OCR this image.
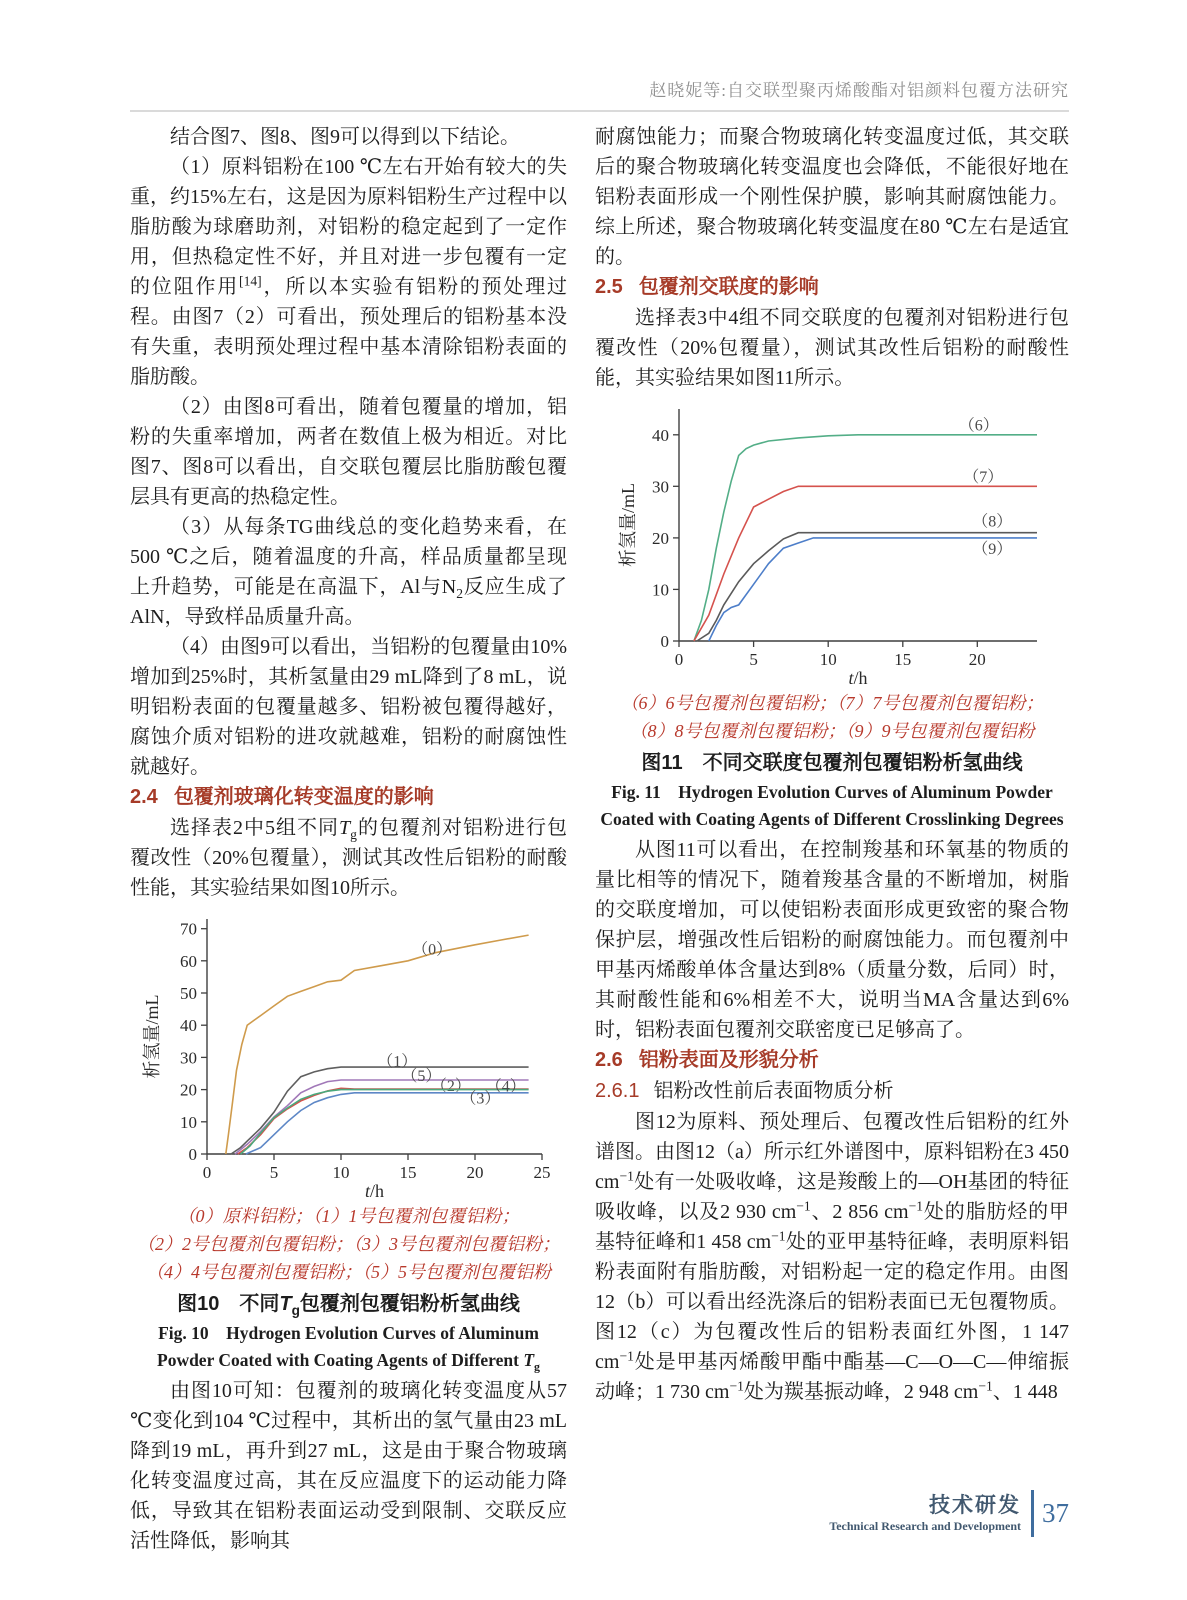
赵晓妮等:自交联型聚丙烯酸酯对铝颜料包覆方法研究

结合图7、图8、图9可以得到以下结论。

（1）原料铝粉在100 ℃左右开始有较大的失重，约15%左右，这是因为原料铝粉生产过程中以脂肪酸为球磨助剂，对铝粉的稳定起到了一定作用，但热稳定性不好，并且对进一步包覆有一定的位阻作用[14]，所以本实验有铝粉的预处理过程。由图7（2）可看出，预处理后的铝粉基本没有失重，表明预处理过程中基本清除铝粉表面的脂肪酸。

（2）由图8可看出，随着包覆量的增加，铝粉的失重率增加，两者在数值上极为相近。对比图7、图8可以看出，自交联包覆层比脂肪酸包覆层具有更高的热稳定性。

（3）从每条TG曲线总的变化趋势来看，在500 ℃之后，随着温度的升高，样品质量都呈现上升趋势，可能是在高温下，Al与$N_2$反应生成了AlN，导致样品质量升高。

（4）由图9可以看出，当铝粉的包覆量由10%增加到25%时，其析氢量由29 mL降到了8 mL，说明铝粉表面的包覆量越多、铝粉被包覆得越好，腐蚀介质对铝粉的进攻就越难，铝粉的耐腐蚀性就越好。

2.4 包覆剂玻璃化转变温度的影响

选择表2中5组不同$T_g$的包覆剂对铝粉进行包覆改性（20%包覆量），测试其改性后铝粉的耐酸性能，其实验结果如图10所示。

0
10
20
30
40
50
60
70
0	5	10	15	20	25
（0）
（1）
（5）
（2） （4）
（3）
析氢量/mL
t/h
（0）原料铝粉；（1）1号包覆剂包覆铝粉；
（2）2号包覆剂包覆铝粉；（3）3号包覆剂包覆铝粉；
（4）4号包覆剂包覆铝粉；（5）5号包覆剂包覆铝粉
图10　不同$T_g$包覆剂包覆铝粉析氢曲线
Fig. 10　Hydrogen Evolution Curves of Aluminum Powder Coated with Coating Agents of Different $T_g$

由图10可知：包覆剂的玻璃化转变温度从57 ℃变化到104 ℃过程中，其析出的氢气量由23 mL降到19 mL，再升到27 mL，这是由于聚合物玻璃化转变温度过高，其在反应温度下的运动能力降低，导致其在铝粉表面运动受到限制、交联反应活性降低，影响其

耐腐蚀能力；而聚合物玻璃化转变温度过低，其交联后的聚合物玻璃化转变温度也会降低，不能很好地在铝粉表面形成一个刚性保护膜，影响其耐腐蚀能力。综上所述，聚合物玻璃化转变温度在80 ℃左右是适宜的。

2.5 包覆剂交联度的影响

选择表3中4组不同交联度的包覆剂对铝粉进行包覆改性（20%包覆量），测试其改性后铝粉的耐酸性能，其实验结果如图11所示。

0
10
20
30
40
0	5	10	15	20
（6）
（7）
（8）
（9）
析氢量/mL
t/h
（6）6号包覆剂包覆铝粉；（7）7号包覆剂包覆铝粉；
（8）8号包覆剂包覆铝粉；（9）9号包覆剂包覆铝粉
图11　不同交联度包覆剂包覆铝粉析氢曲线
Fig. 11　Hydrogen Evolution Curves of Aluminum Powder Coated with Coating Agents of Different Crosslinking Degrees

从图11可以看出，在控制羧基和环氧基的物质的量比相等的情况下，随着羧基含量的不断增加，树脂的交联度增加，可以使铝粉表面形成更致密的聚合物保护层，增强改性后铝粉的耐腐蚀能力。而包覆剂中甲基丙烯酸单体含量达到8%（质量分数，后同）时，其耐酸性能和6%相差不大，说明当MA含量达到6%时，铝粉表面包覆剂交联密度已足够高了。

2.6 铝粉表面及形貌分析
2.6.1 铝粉改性前后表面物质分析

图12为原料、预处理后、包覆改性后铝粉的红外谱图。由图12（a）所示红外谱图中，原料铝粉在3 450 $cm^{-1}$处有一处吸收峰，这是羧酸上的—OH基团的特征吸收峰，以及2 930 $cm^{-1}$、2 856 $cm^{-1}$处的脂肪烃的甲基特征峰和1 458 $cm^{-1}$处的亚甲基特征峰，表明原料铝粉表面附有脂肪酸，对铝粉起一定的稳定作用。由图12（b）可以看出经洗涤后的铝粉表面已无包覆物质。图12（c）为包覆改性后的铝粉表面红外图，1 147 $cm^{-1}$处是甲基丙烯酸甲酯中酯基—C—O—C—伸缩振动峰；1 730 $cm^{-1}$处为羰基振动峰，2 948 $cm^{-1}$、1 448

技术研发
Technical Research and Development 37
